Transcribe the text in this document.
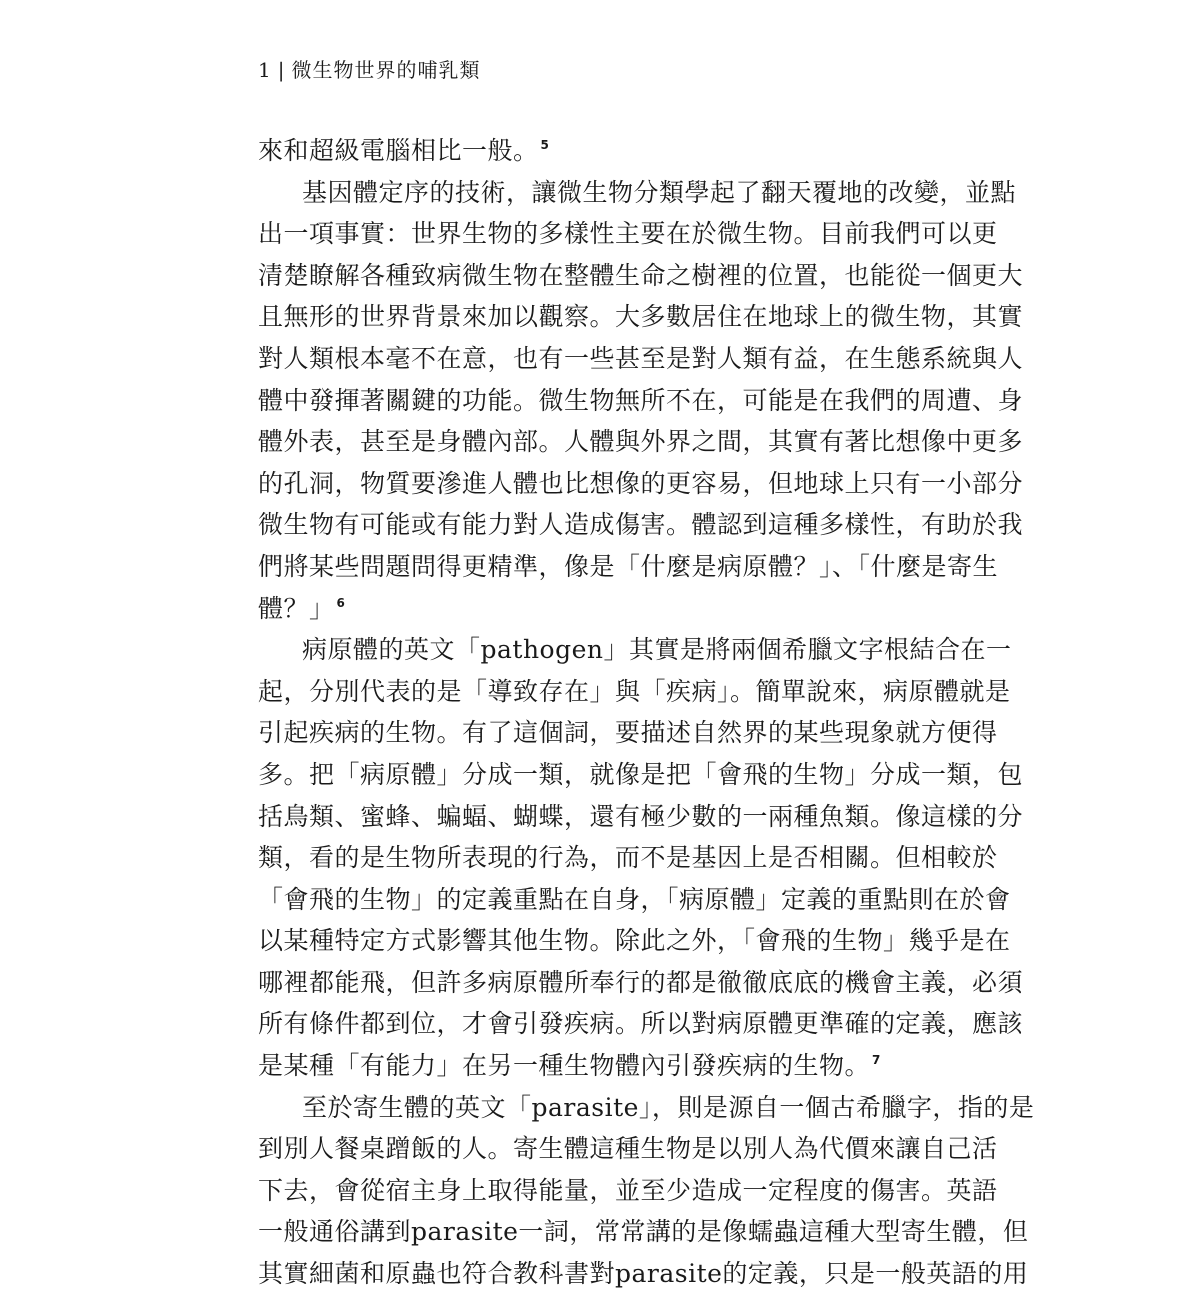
1 | 微生物世界的哺乳類
來和超級電腦相比一般。 $^5$
基因體定序的技術，讓微生物分類學起了翻天覆地的改變，並點
出一項事實：世界生物的多樣性主要在於微生物。目前我們可以更
清楚瞭解各種致病微生物在整體生命之樹裡的位置，也能從一個更大
且無形的世界背景來加以觀察。大多數居住在地球上的微生物，其實
對人類根本毫不在意，也有一些甚至是對人類有益，在生態系統與人
體中發揮著關鍵的功能。微生物無所不在，可能是在我們的周遭、身
體外表，甚至是身體內部。人體與外界之間，其實有著比想像中更多
的孔洞，物質要滲進人體也比想像的更容易，但地球上只有一小部分
微生物有可能或有能力對人造成傷害。體認到這種多樣性，有助於我
們將某些問題問得更精準，像是「什麼是病原體？」、「什麼是寄生
體？」 $^6$
病原體的英文「pathogen」其實是將兩個希臘文字根結合在一
起，分別代表的是「導致存在」與「疾病」。簡單說來，病原體就是
引起疾病的生物。有了這個詞，要描述自然界的某些現象就方便得
多。把「病原體」分成一類，就像是把「會飛的生物」分成一類，包
括鳥類、蜜蜂、蝙蝠、蝴蝶，還有極少數的一兩種魚類。像這樣的分
類，看的是生物所表現的行為，而不是基因上是否相關。但相較於
「會飛的生物」的定義重點在自身，「病原體」定義的重點則在於會
以某種特定方式影響其他生物。除此之外，「會飛的生物」幾乎是在
哪裡都能飛，但許多病原體所奉行的都是徹徹底底的機會主義，必須
所有條件都到位，才會引發疾病。所以對病原體更準確的定義，應該
是某種「有能力」在另一種生物體內引發疾病的生物。 $^7$
至於寄生體的英文「parasite」，則是源自一個古希臘字，指的是
到別人餐桌蹭飯的人。寄生體這種生物是以別人為代價來讓自己活
下去，會從宿主身上取得能量，並至少造成一定程度的傷害。英語
一般通俗講到parasite一詞，常常講的是像蠕蟲這種大型寄生體，但
其實細菌和原蟲也符合教科書對parasite的定義，只是一般英語的用
